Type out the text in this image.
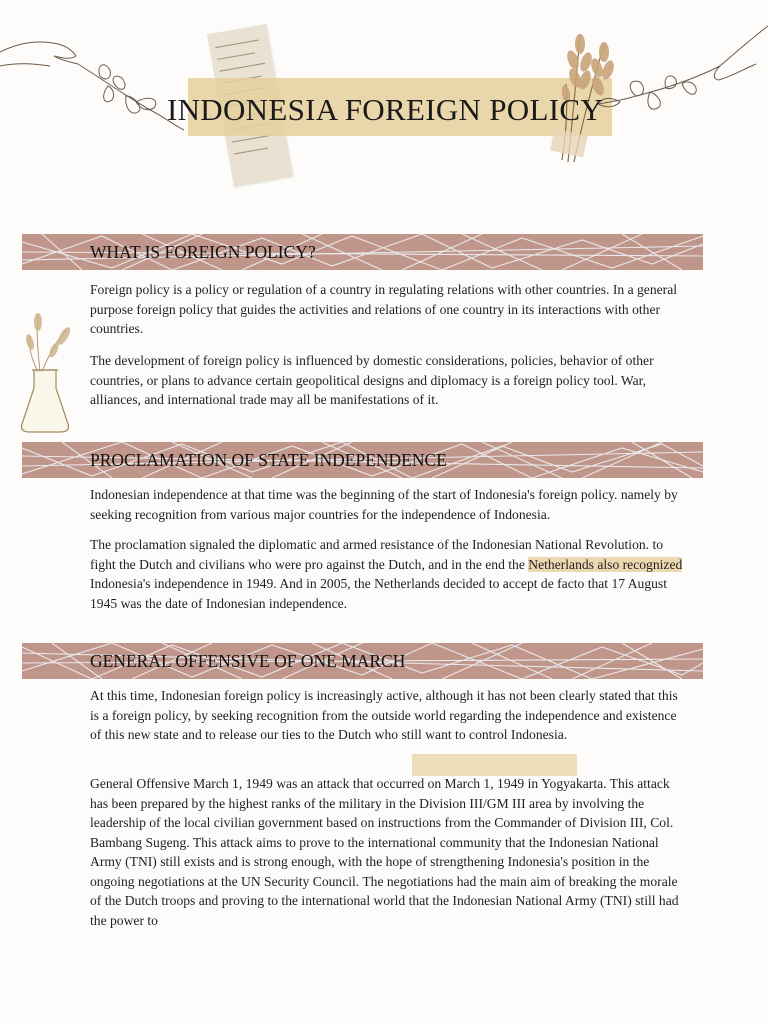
INDONESIA FOREIGN POLICY
WHAT IS FOREIGN POLICY?

Foreign policy is a policy or regulation of a country in regulating relations with other countries. In a general purpose foreign policy that guides the activities and relations of one country in its interactions with other countries.

The development of foreign policy is influenced by domestic considerations, policies, behavior of other countries, or plans to advance certain geopolitical designs and diplomacy is a foreign policy tool. War, alliances, and international trade may all be manifestations of it.

PROCLAMATION OF STATE INDEPENDENCE

Indonesian independence at that time was the beginning of the start of Indonesia's foreign policy. namely by seeking recognition from various major countries for the independence of Indonesia.

The proclamation signaled the diplomatic and armed resistance of the Indonesian National Revolution. to fight the Dutch and civilians who were pro against the Dutch, and in the end the Netherlands also recognized Indonesia's independence in 1949. And in 2005, the Netherlands decided to accept de facto that 17 August 1945 was the date of Indonesian independence.

GENERAL OFFENSIVE OF ONE MARCH

At this time, Indonesian foreign policy is increasingly active, although it has not been clearly stated that this is a foreign policy, by seeking recognition from the outside world regarding the independence and existence of this new state and to release our ties to the Dutch who still want to control Indonesia.

General Offensive March 1, 1949 was an attack that occurred on March 1, 1949 in Yogyakarta. This attack has been prepared by the highest ranks of the military in the Division III/GM III area by involving the leadership of the local civilian government based on instructions from the Commander of Division III, Col. Bambang Sugeng. This attack aims to prove to the international community that the Indonesian National Army (TNI) still exists and is strong enough, with the hope of strengthening Indonesia's position in the ongoing negotiations at the UN Security Council. The negotiations had the main aim of breaking the morale of the Dutch troops and proving to the international world that the Indonesian National Army (TNI) still had the power to
